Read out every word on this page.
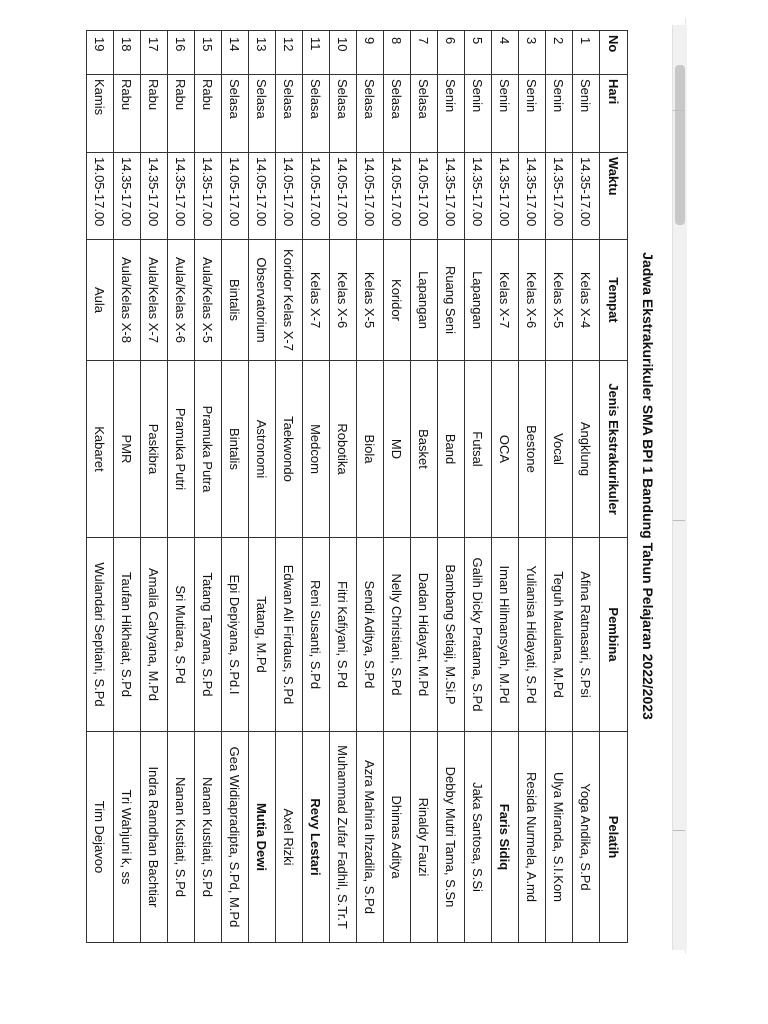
Jadwa Ekstrakurikuler SMA BPI 1 Bandung Tahun Pelajaran 2022/2023
No	Hari	Waktu	Tempat	Jenis Ekstrakurikuler	Pembina	Pelatih
1	Senin	14.35-17.00	Kelas X-4	Angklung	Afina Ratnasari, S.Psi	Yoga Andika, S.Pd
2	Senin	14.35-17.00	Kelas X-5	Vocal	Teguh Maulana, M.Pd	Ulya Miranda, S.I.Kom
3	Senin	14.35-17.00	Kelas X-6	Bestone	Yulianisa Hidayati, S.Pd	Resida Nurmela, A.md
4	Senin	14.35-17.00	Kelas X-7	OCA	Iman Hilmansyah, M.Pd	Faris Sidiq
5	Senin	14.35-17.00	Lapangan	Futsal	Galih Dicky Pratama, S.Pd	Jaka Santosa, S.Si
6	Senin	14.35-17.00	Ruang Seni	Band	Bambang Setiaji, M.Si.P	Debby Mutri Tama, S.Sn
7	Selasa	14.05-17.00	Lapangan	Basket	Dadan Hidayat, M.Pd	Rinaldy Fauzi
8	Selasa	14.05-17.00	Koridor	MD	Nelly Christiani, S.Pd	Dhimas Aditya
9	Selasa	14.05-17.00	Kelas X-5	Biola	Sendi Aditya, S.Pd	Azra Mahira Ihzadila, S.Pd
10	Selasa	14.05-17.00	Kelas X-6	Robotika	Fitri Kafiyani, S.Pd	Muhammad Zufar Fadhil, S.Tr.T
11	Selasa	14.05-17.00	Kelas X-7	Medcom	Reni Susanti, S.Pd	Revy Lestari
12	Selasa	14.05-17.00	Koridor Kelas X-7	Taekwondo	Edwan Ali Firdaus, S.Pd	Axel Rizki
13	Selasa	14.05-17.00	Observatorium	Astronomi	Tatang, M.Pd	Mutia Dewi
14	Selasa	14.05-17.00	Bintalis	Bintalis	Epi Depiyana, S.Pd.I	Gea Widiapradipta, S.Pd, M.Pd
15	Rabu	14.35-17.00	Aula/Kelas X-5	Pramuka Putra	Tatang Taryana, S.Pd	Nanan Kustiati, S.Pd
16	Rabu	14.35-17.00	Aula/Kelas X-6	Pramuka Putri	Sri Mutiara, S.Pd	Nanan Kustiati, S.Pd
17	Rabu	14.35-17.00	Aula/Kelas X-7	Paskibra	Amalia Cahyana, M.Pd	Indra Ramdhan Bachtiar
18	Rabu	14.35-17.00	Aula/Kelas X-8	PMR	Taufan Hikhaiat, S.Pd	Tri Wahjuni k, ss
19	Kamis	14.05-17.00	Aula	Kabaret	Wulandari Septiani, S.Pd	Tim Dejavoo
